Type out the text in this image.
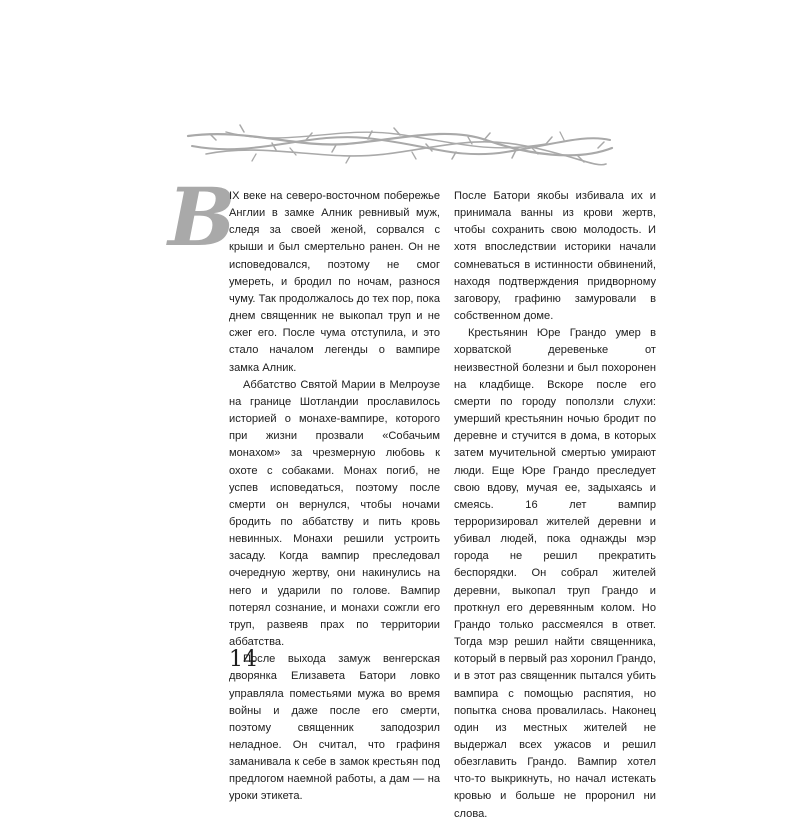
В

IX веке на северо-восточном побережье Англии в замке Алник ревнивый муж, следя за своей женой, сорвался с крыши и был смертельно ранен. Он не исповедовался, поэтому не смог умереть, и бродил по ночам, разнося чуму. Так продолжалось до тех пор, пока днем священник не выкопал труп и не сжег его. После чума отступила, и это стало началом легенды о вампире замка Алник.

Аббатство Святой Марии в Мелроузе на границе Шотландии прославилось историей о монахе-вампире, которого при жизни прозвали «Собачьим монахом» за чрезмерную любовь к охоте с собаками. Монах погиб, не успев исповедаться, поэтому после смерти он вернулся, чтобы ночами бродить по аббатству и пить кровь невинных. Монахи решили устроить засаду. Когда вампир преследовал очередную жертву, они накинулись на него и ударили по голове. Вампир потерял сознание, и монахи сожгли его труп, развеяв прах по территории аббатства.

После выхода замуж венгерская дворянка Елизавета Батори ловко управляла поместьями мужа во время войны и даже после его смерти, поэтому священник заподозрил неладное. Он считал, что графиня заманивала к себе в замок крестьян под предлогом наемной работы, а дам — на уроки этикета.

После Батори якобы избивала их и принимала ванны из крови жертв, чтобы сохранить свою молодость. И хотя впоследствии историки начали сомневаться в истинности обвинений, находя подтверждения придворному заговору, графиню замуровали в собственном доме.

Крестьянин Юре Грандо умер в хорватской деревеньке от неизвестной болезни и был похоронен на кладбище. Вскоре после его смерти по городу поползли слухи: умерший крестьянин ночью бродит по деревне и стучится в дома, в которых затем мучительной смертью умирают люди. Еще Юре Грандо преследует свою вдову, мучая ее, задыхаясь и смеясь. 16 лет вампир терроризировал жителей деревни и убивал людей, пока однажды мэр города не решил прекратить беспорядки. Он собрал жителей деревни, выкопал труп Грандо и проткнул его деревянным колом. Но Грандо только рассмеялся в ответ. Тогда мэр решил найти священника, который в первый раз хоронил Грандо, и в этот раз священник пытался убить вампира с помощью распятия, но попытка снова провалилась. Наконец один из местных жителей не выдержал всех ужасов и решил обезглавить Грандо. Вампир хотел что-то выкрикнуть, но начал истекать кровью и больше не проронил ни слова.

14
